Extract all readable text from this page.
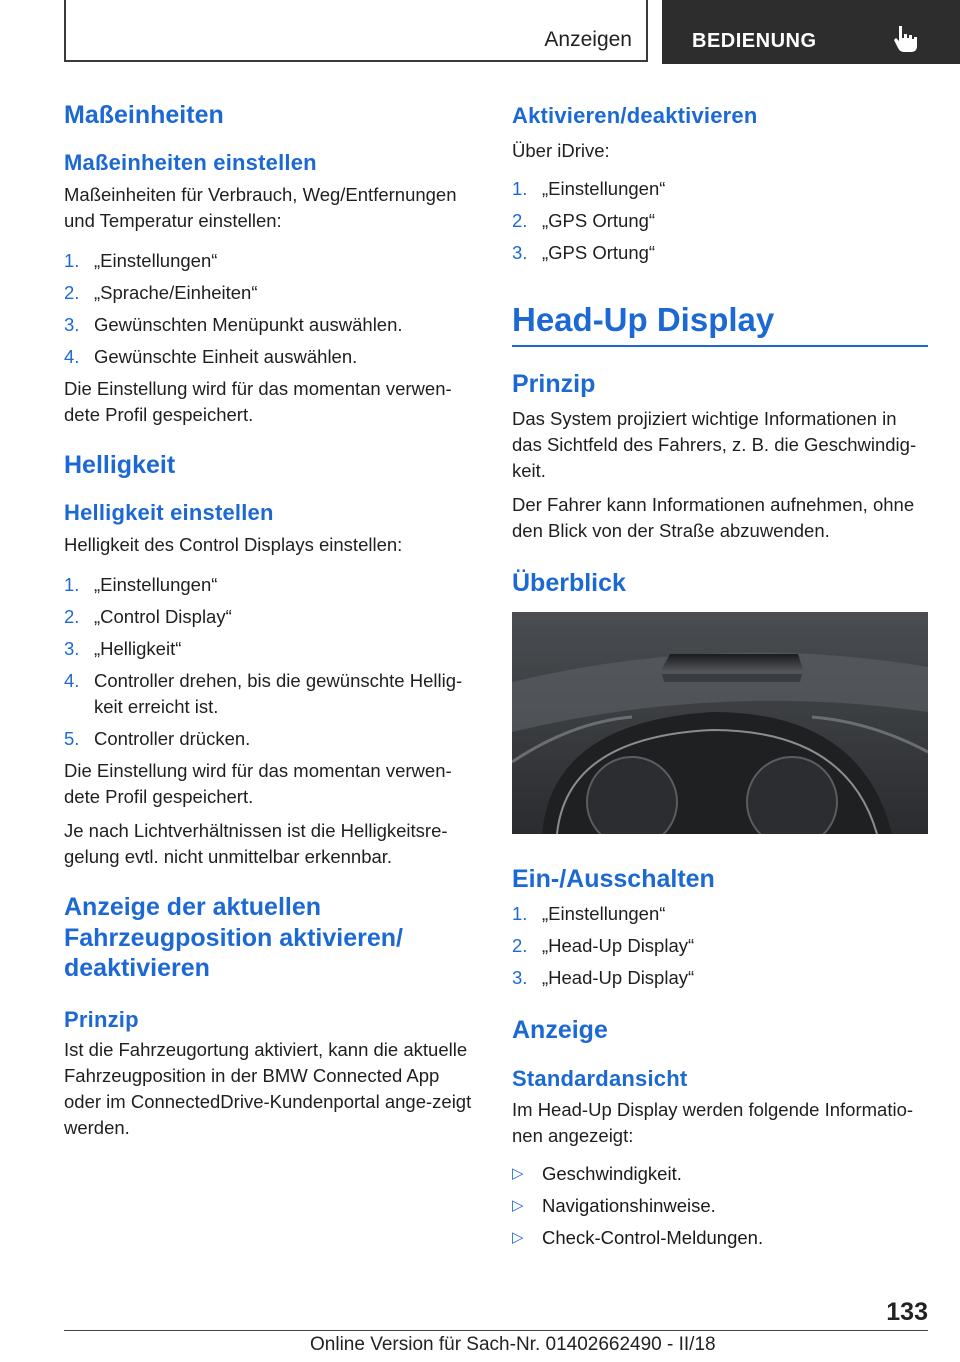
Anzeigen	BEDIENUNG
Maßeinheiten
Maßeinheiten einstellen

Maßeinheiten für Verbrauch, Weg/Entfernungen und Temperatur einstellen:

1. „Einstellungen“
2. „Sprache/Einheiten“
3. Gewünschten Menüpunkt auswählen.
4. Gewünschte Einheit auswählen.

Die Einstellung wird für das momentan verwen-dete Profil gespeichert.

Helligkeit
Helligkeit einstellen

Helligkeit des Control Displays einstellen:

1. „Einstellungen“
2. „Control Display“
3. „Helligkeit“
4. Controller drehen, bis die gewünschte Hellig-keit erreicht ist.
5. Controller drücken.

Die Einstellung wird für das momentan verwen-dete Profil gespeichert.

Je nach Lichtverhältnissen ist die Helligkeitsre-gelung evtl. nicht unmittelbar erkennbar.

Anzeige der aktuellen Fahrzeugposition aktivieren/ deaktivieren
Prinzip

Ist die Fahrzeugortung aktiviert, kann die aktuelle Fahrzeugposition in der BMW Connected App oder im ConnectedDrive-Kundenportal ange-zeigt werden.

Aktivieren/deaktivieren

Über iDrive:

1. „Einstellungen“
2. „GPS Ortung“
3. „GPS Ortung“
Head-Up Display
Prinzip

Das System projiziert wichtige Informationen in das Sichtfeld des Fahrers, z. B. die Geschwindig-keit.

Der Fahrer kann Informationen aufnehmen, ohne den Blick von der Straße abzuwenden.

Überblick
Ein-/Ausschalten
1. „Einstellungen“
2. „Head-Up Display“
3. „Head-Up Display“
Anzeige
Standardansicht

Im Head-Up Display werden folgende Informatio-nen angezeigt:

▷ Geschwindigkeit.
▷ Navigationshinweise.
▷ Check-Control-Meldungen.
133
Online Version für Sach-Nr. 01402662490 - II/18
